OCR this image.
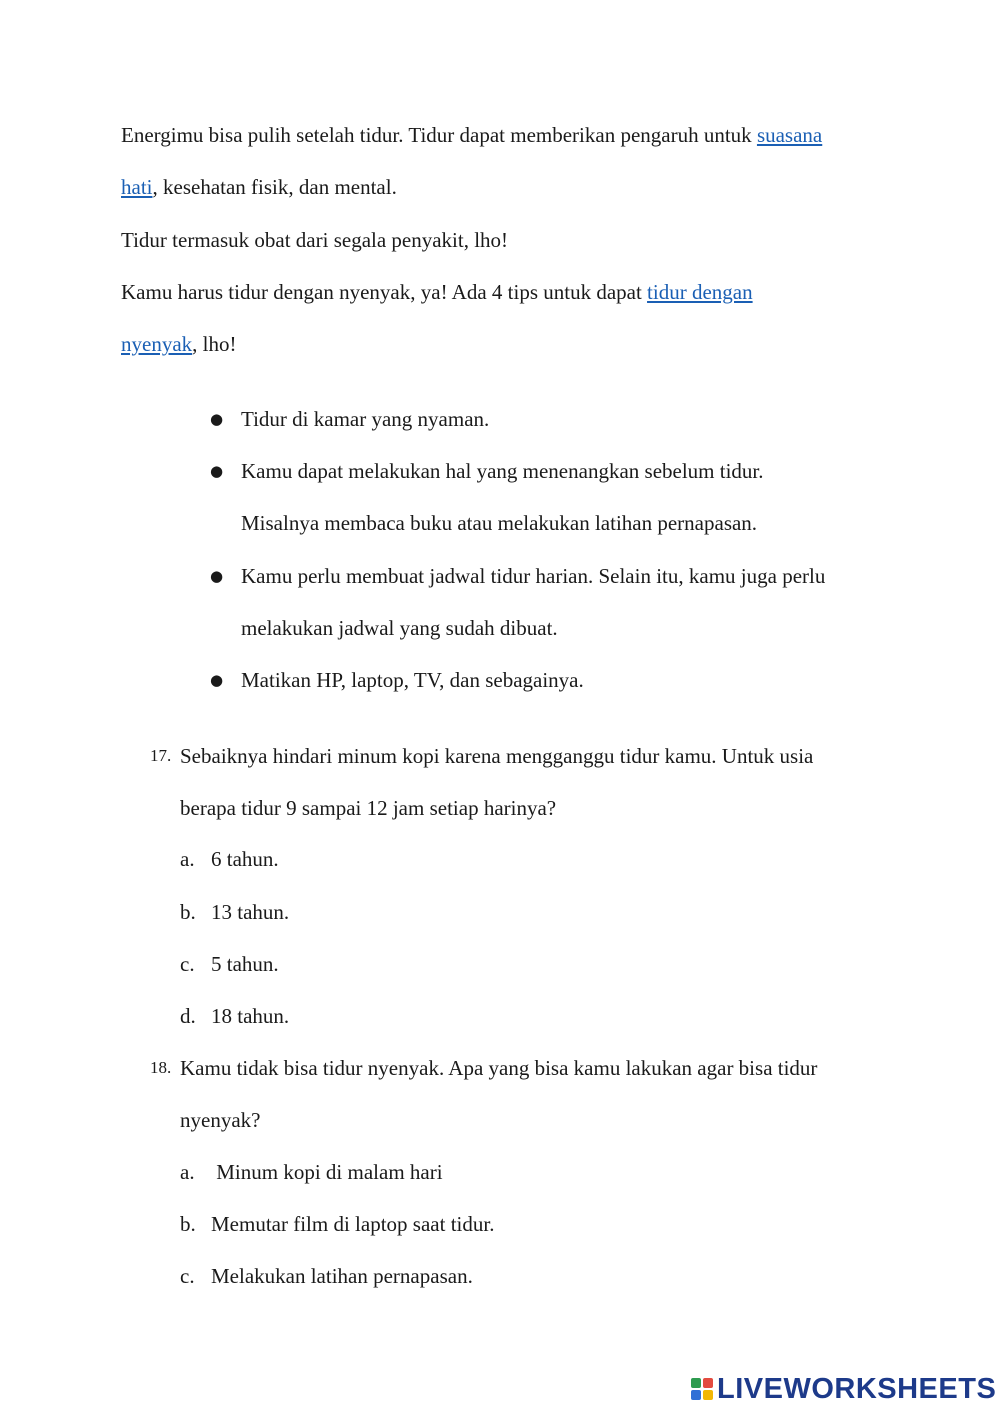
Energimu bisa pulih setelah tidur. Tidur dapat memberikan pengaruh untuk suasana
hati, kesehatan fisik, dan mental.
Tidur termasuk obat dari segala penyakit, lho!
Kamu harus tidur dengan nyenyak, ya! Ada 4 tips untuk dapat tidur dengan
nyenyak, lho!
● Tidur di kamar yang nyaman.
● Kamu dapat melakukan hal yang menenangkan sebelum tidur.
Misalnya membaca buku atau melakukan latihan pernapasan.
● Kamu perlu membuat jadwal tidur harian. Selain itu, kamu juga perlu
melakukan jadwal yang sudah dibuat.
● Matikan HP, laptop, TV, dan sebagainya.
17. Sebaiknya hindari minum kopi karena mengganggu tidur kamu. Untuk usia
berapa tidur 9 sampai 12 jam setiap harinya?
a. 6 tahun.
b. 13 tahun.
c. 5 tahun.
d. 18 tahun.
18. Kamu tidak bisa tidur nyenyak. Apa yang bisa kamu lakukan agar bisa tidur
nyenyak?
a. Minum kopi di malam hari
b. Memutar film di laptop saat tidur.
c. Melakukan latihan pernapasan.
LIVEWORKSHEETS
